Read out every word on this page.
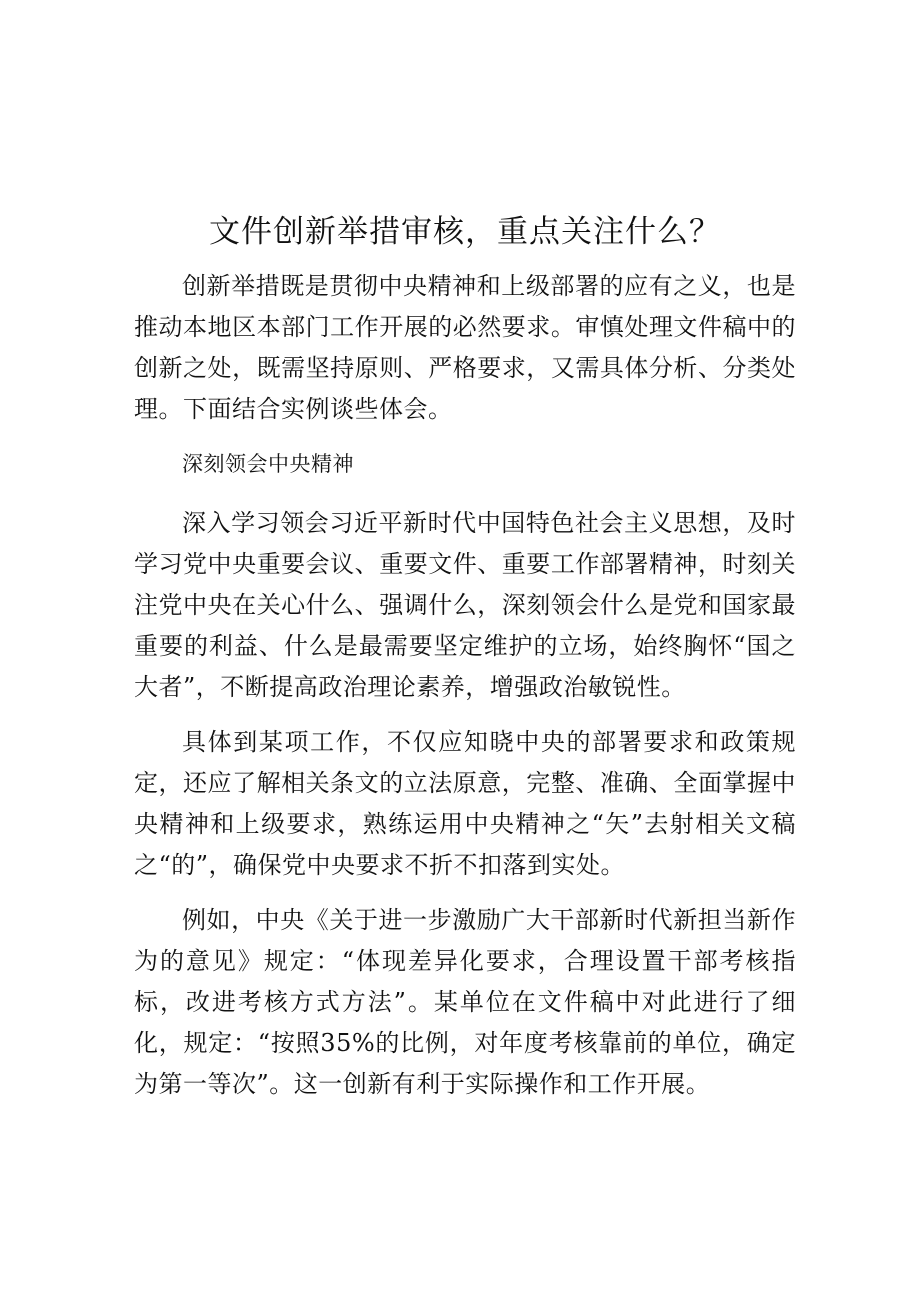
文件创新举措审核，重点关注什么？

创新举措既是贯彻中央精神和上级部署的应有之义，也是推动本地区本部门工作开展的必然要求。审慎处理文件稿中的创新之处，既需坚持原则、严格要求，又需具体分析、分类处理。下面结合实例谈些体会。

深刻领会中央精神

深入学习领会习近平新时代中国特色社会主义思想，及时学习党中央重要会议、重要文件、重要工作部署精神，时刻关注党中央在关心什么、强调什么，深刻领会什么是党和国家最重要的利益、什么是最需要坚定维护的立场，始终胸怀“国之大者”，不断提高政治理论素养，增强政治敏锐性。

具体到某项工作，不仅应知晓中央的部署要求和政策规定，还应了解相关条文的立法原意，完整、准确、全面掌握中央精神和上级要求，熟练运用中央精神之“矢”去射相关文稿之“的”，确保党中央要求不折不扣落到实处。

例如，中央《关于进一步激励广大干部新时代新担当新作为的意见》规定：“体现差异化要求，合理设置干部考核指标，改进考核方式方法”。某单位在文件稿中对此进行了细化，规定：“按照35%的比例，对年度考核靠前的单位，确定为第一等次”。这一创新有利于实际操作和工作开展。
